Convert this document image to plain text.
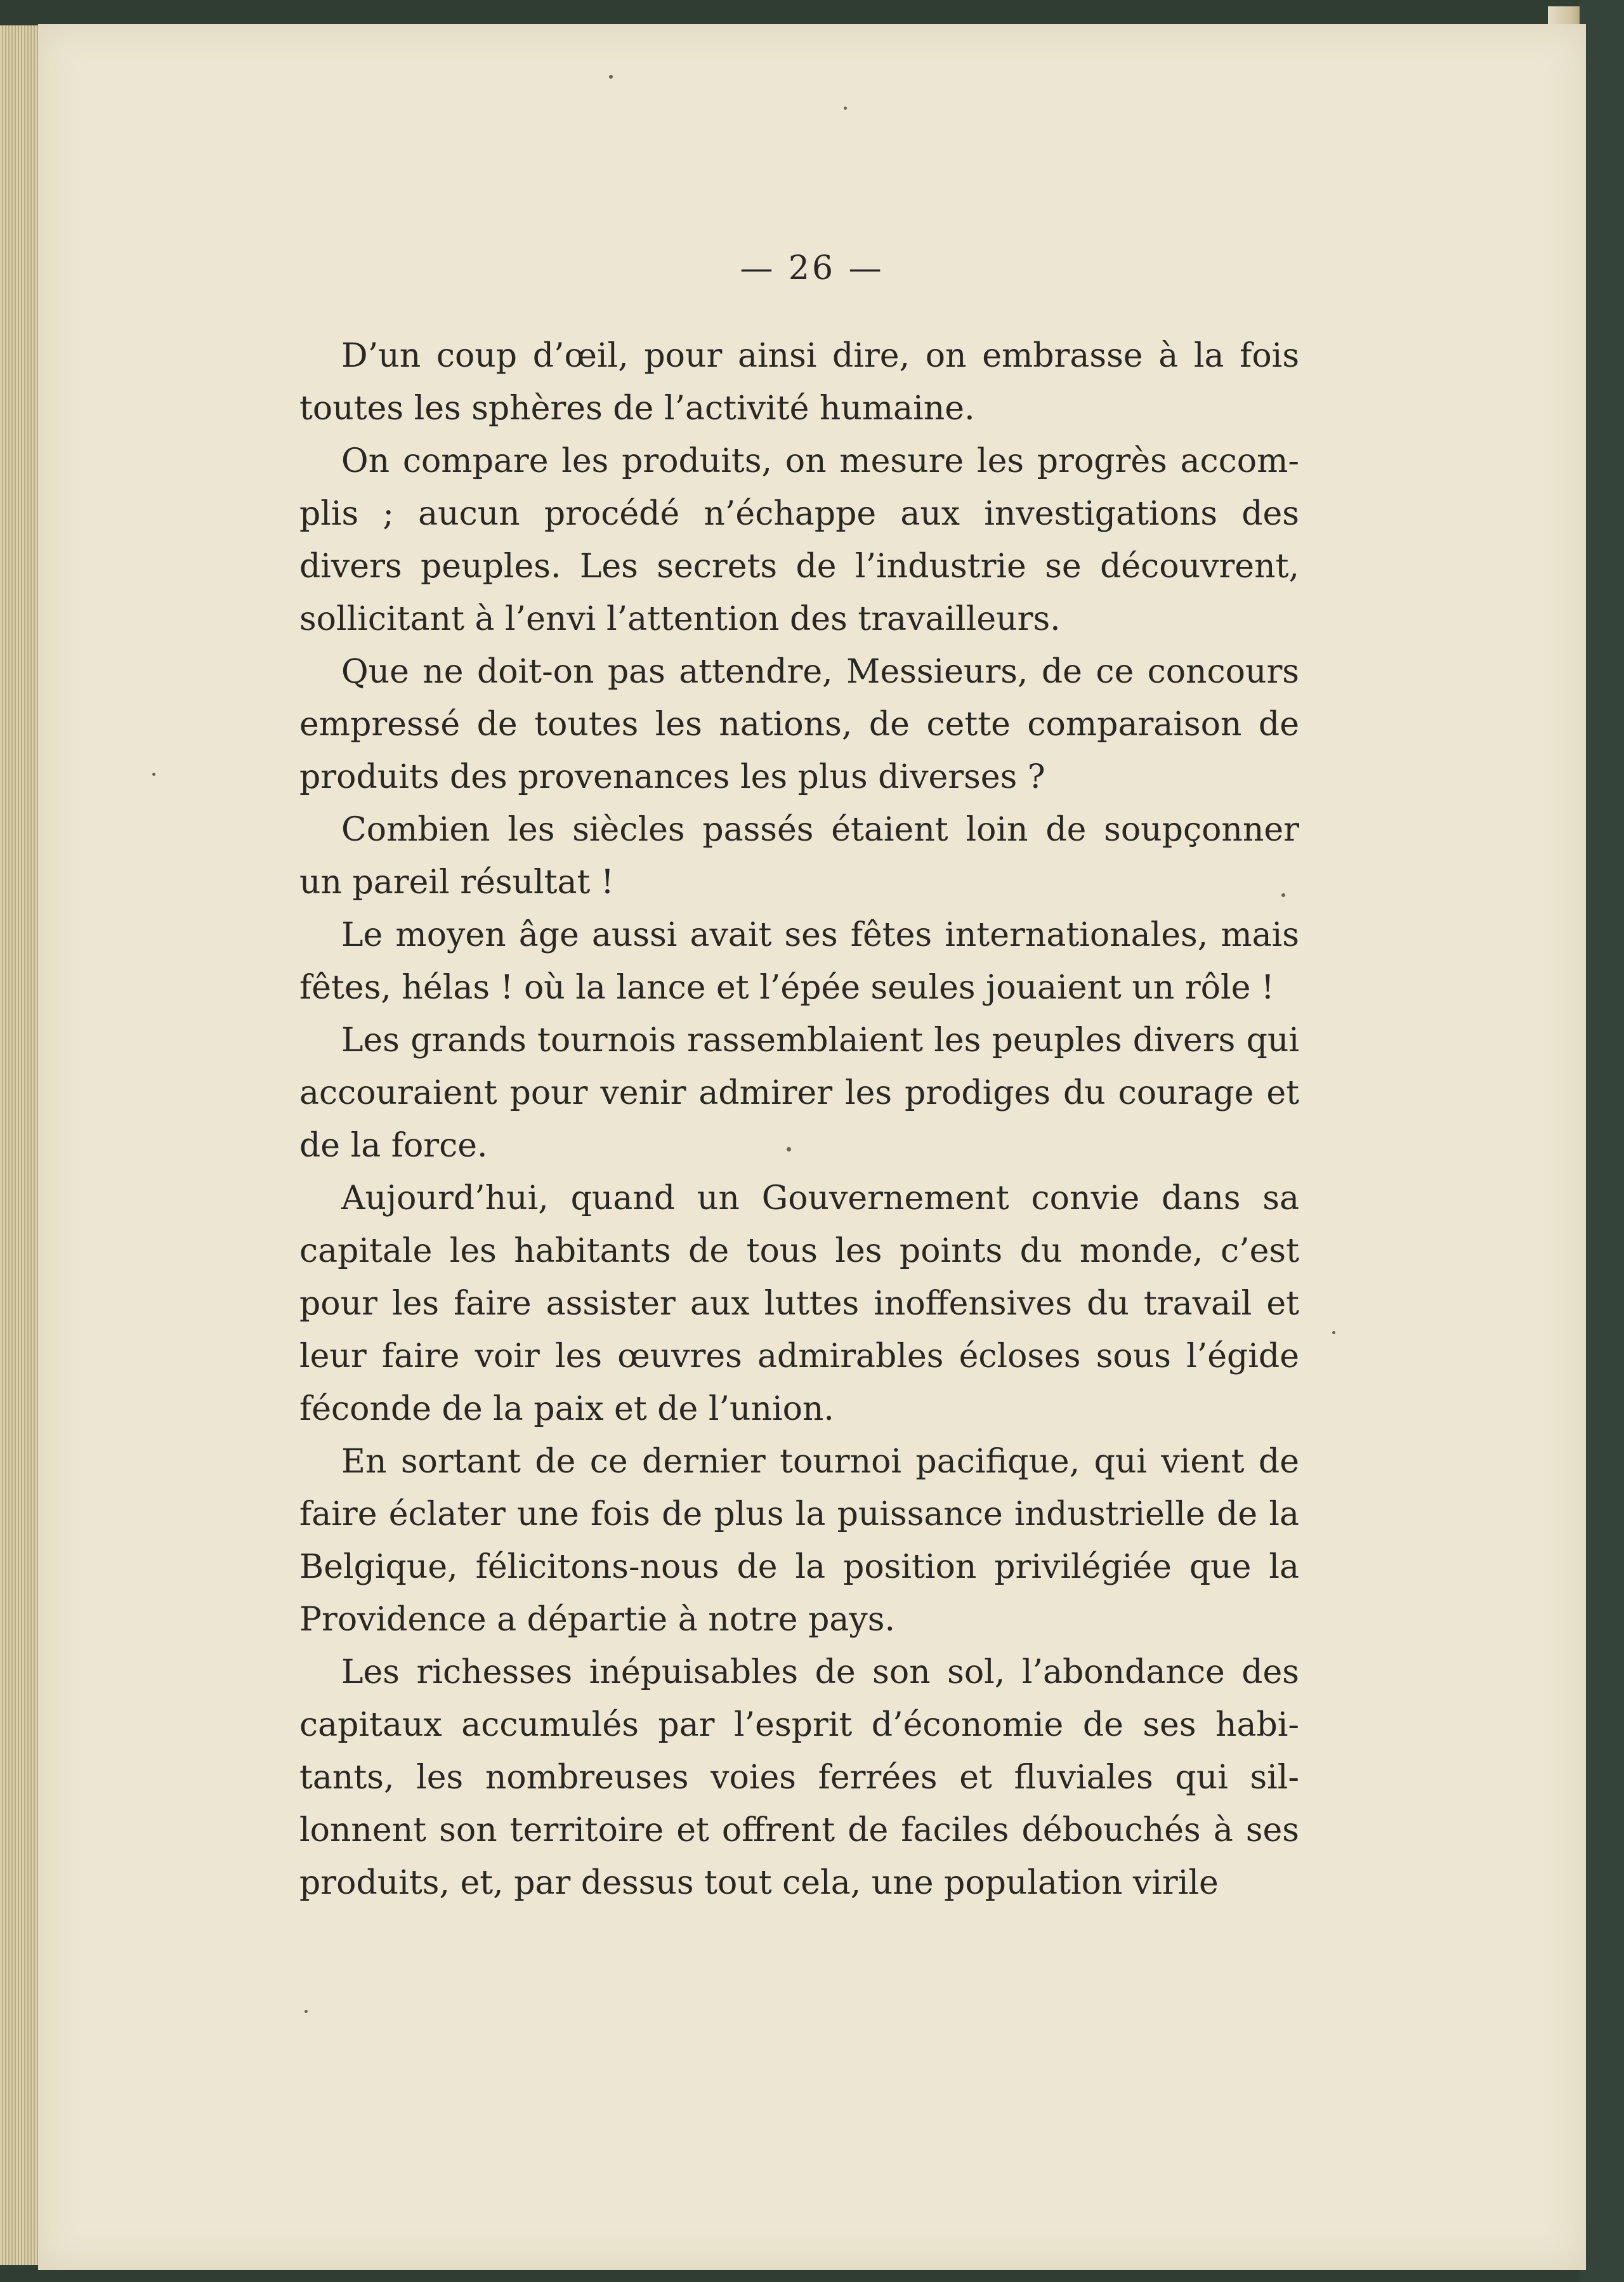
— 26 —

D’un coup d’œil, pour ainsi dire, on embrasse à la fois toutes les sphères de l’activité humaine.

On compare les produits, on mesure les progrès accomplis ; aucun procédé n’échappe aux investigations des divers peuples. Les secrets de l’industrie se découvrent, sollicitant à l’envi l’attention des travailleurs.

Que ne doit-on pas attendre, Messieurs, de ce concours empressé de toutes les nations, de cette comparaison de produits des provenances les plus diverses ?

Combien les siècles passés étaient loin de soupçonner un pareil résultat !

Le moyen âge aussi avait ses fêtes internationales, mais fêtes, hélas ! où la lance et l’épée seules jouaient un rôle !

Les grands tournois rassemblaient les peuples divers qui accouraient pour venir admirer les prodiges du courage et de la force.

Aujourd’hui, quand un Gouvernement convie dans sa capitale les habitants de tous les points du monde, c’est pour les faire assister aux luttes inoffensives du travail et leur faire voir les œuvres admirables écloses sous l’égide féconde de la paix et de l’union.

En sortant de ce dernier tournoi pacifique, qui vient de faire éclater une fois de plus la puissance industrielle de la Belgique, félicitons-nous de la position privilégiée que la Providence a départie à notre pays.

Les richesses inépuisables de son sol, l’abondance des capitaux accumulés par l’esprit d’économie de ses habitants, les nombreuses voies ferrées et fluviales qui sillonnent son territoire et offrent de faciles débouchés à ses produits, et, par dessus tout cela, une population virile
